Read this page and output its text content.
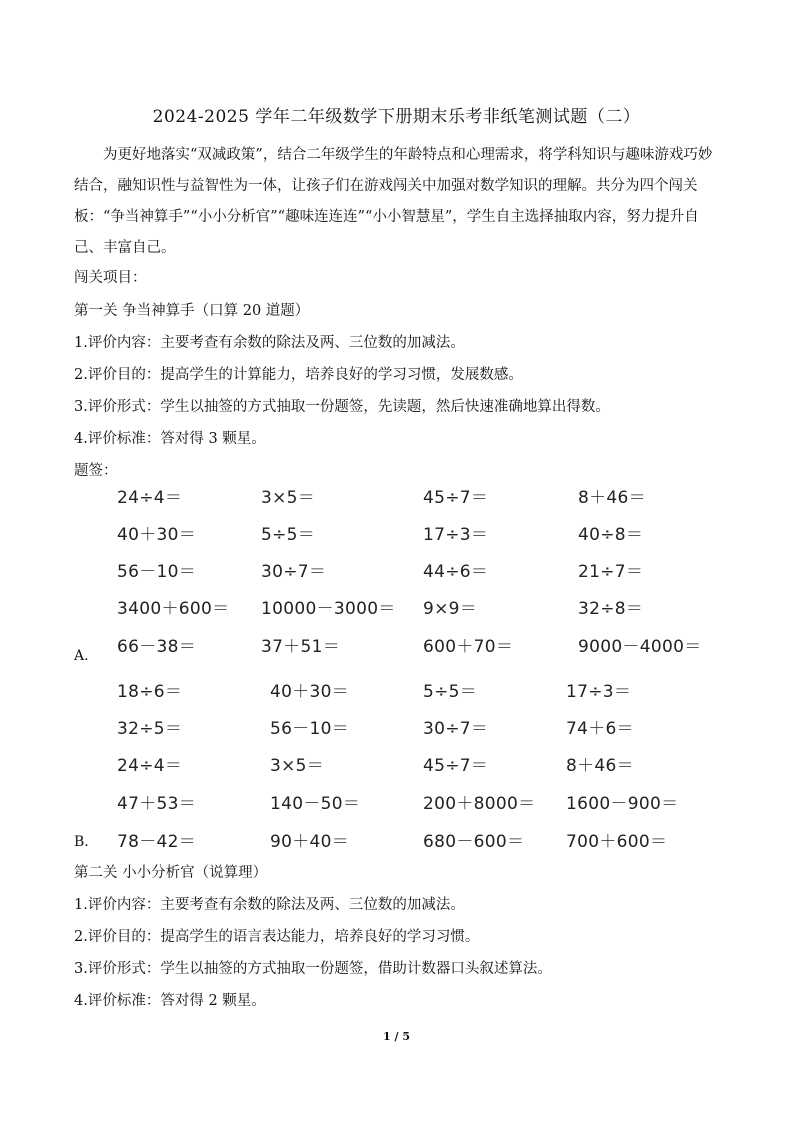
2024-2025 学年二年级数学下册期末乐考非纸笔测试题（二）

为更好地落实“双减政策”，结合二年级学生的年龄特点和心理需求，将学科知识与趣味游戏巧妙结合，融知识性与益智性为一体，让孩子们在游戏闯关中加强对数学知识的理解。共分为四个闯关板：“争当神算手”“小小分析官”“趣味连连连”“小小智慧星”，学生自主选择抽取内容，努力提升自己、丰富自己。

闯关项目：
第一关 争当神算手（口算 20 道题）
1.评价内容：主要考查有余数的除法及两、三位数的加减法。
2.评价目的：提高学生的计算能力，培养良好的学习习惯，发展数感。
3.评价形式：学生以抽签的方式抽取一份题签，先读题，然后快速准确地算出得数。
4.评价标准：答对得 3 颗星。
题签：
24÷4＝	3×5＝	45÷7＝	8＋46＝
40＋30＝	5÷5＝	17÷3＝	40÷8＝
56－10＝	30÷7＝	44÷6＝	21÷7＝
3400＋600＝ 10000－3000＝ 9×9＝	32÷8＝
66－38＝	37＋51＝	600＋70＝	9000－4000＝
A.
18÷6＝	40＋30＝	5÷5＝	17÷3＝
32÷5＝	56－10＝	30÷7＝	74＋6＝
24÷4＝	3×5＝	45÷7＝	8＋46＝
47＋53＝	140－50＝	200＋8000＝ 1600－900＝
78－42＝	90＋40＝	680－600＝ 700＋600＝
B.
第二关 小小分析官（说算理）
1.评价内容：主要考查有余数的除法及两、三位数的加减法。
2.评价目的：提高学生的语言表达能力，培养良好的学习习惯。
3.评价形式：学生以抽签的方式抽取一份题签，借助计数器口头叙述算法。
4.评价标准：答对得 2 颗星。
1 / 5
